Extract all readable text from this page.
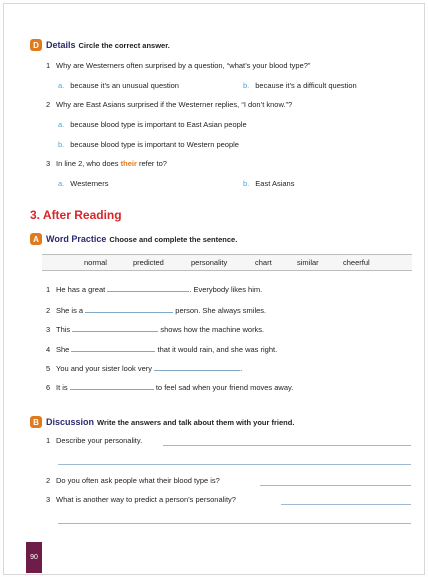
D Details Circle the correct answer.
1 Why are Westerners often surprised by a question, “what’s your blood type?”
a. because it’s an unusual question	b. because it’s a difficult question
2 Why are East Asians surprised if the Westerner replies, “I don’t know.”?
a. because blood type is important to East Asian people
b. because blood type is important to Western people
3 In line 2, who does their refer to?
a. Westerners	b. East Asians
3. After Reading
A Word Practice Choose and complete the sentence.
normal	predicted	personality	chart	similar	cheerful
1 He has a great	. Everybody likes him.
2 She is a	person. She always smiles.
3 This	shows how the machine works.
4 She	that it would rain, and she was right.
5 You and your sister look very	.
6 It is	to feel sad when your friend moves away.
B Discussion Write the answers and talk about them with your friend.
1 Describe your personality.
2 Do you often ask people what their blood type is?
3 What is another way to predict a person’s personality?
90
